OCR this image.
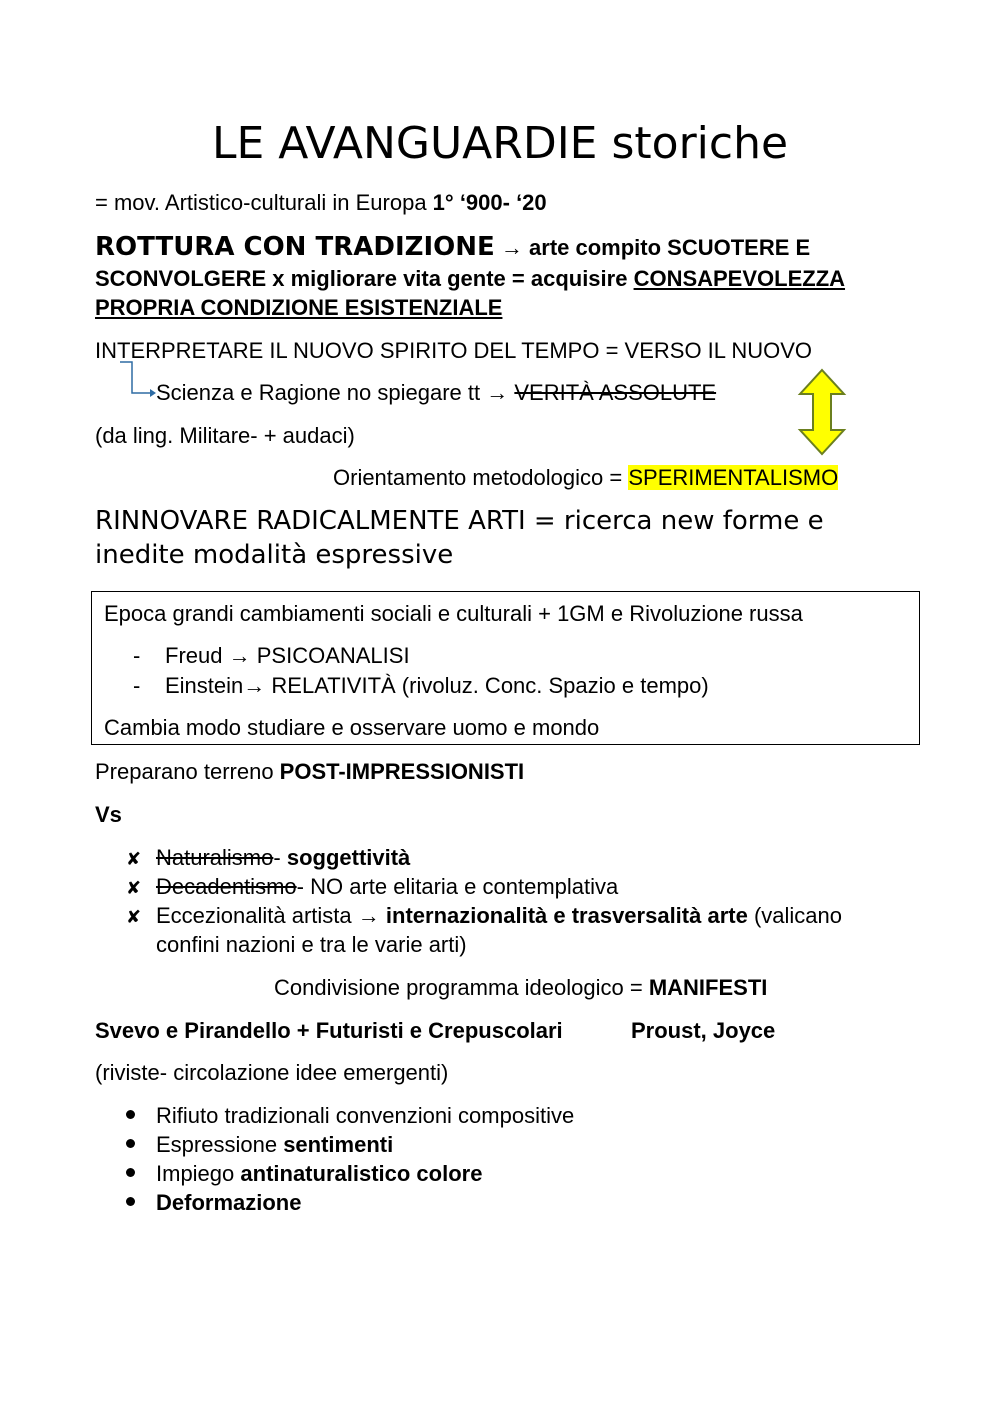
LE AVANGUARDIE storiche
= mov. Artistico-culturali in Europa 1° ‘900- ‘20
ROTTURA CON TRADIZIONE → arte compito SCUOTERE E
SCONVOLGERE x migliorare vita gente = acquisire CONSAPEVOLEZZA
PROPRIA CONDIZIONE ESISTENZIALE
INTERPRETARE IL NUOVO SPIRITO DEL TEMPO = VERSO IL NUOVO
Scienza e Ragione no spiegare tt → VERITÀ ASSOLUTE
(da ling. Militare- + audaci)
Orientamento metodologico = SPERIMENTALISMO
RINNOVARE RADICALMENTE ARTI = ricerca new forme e
inedite modalità espressive
Epoca grandi cambiamenti sociali e culturali + 1GM e Rivoluzione russa
- Freud → PSICOANALISI
- Einstein→ RELATIVITÀ (rivoluz. Conc. Spazio e tempo)
Cambia modo studiare e osservare uomo e mondo
Preparano terreno POST-IMPRESSIONISTI
Vs
✘ Naturalismo- soggettività
✘ Decadentismo- NO arte elitaria e contemplativa
✘ Eccezionalità artista → internazionalità e trasversalità arte (valicano
confini nazioni e tra le varie arti)
Condivisione programma ideologico = MANIFESTI
Svevo e Pirandello + Futuristi e Crepuscolari	Proust, Joyce
(riviste- circolazione idee emergenti)
Rifiuto tradizionali convenzioni compositive
Espressione sentimenti
Impiego antinaturalistico colore
Deformazione
